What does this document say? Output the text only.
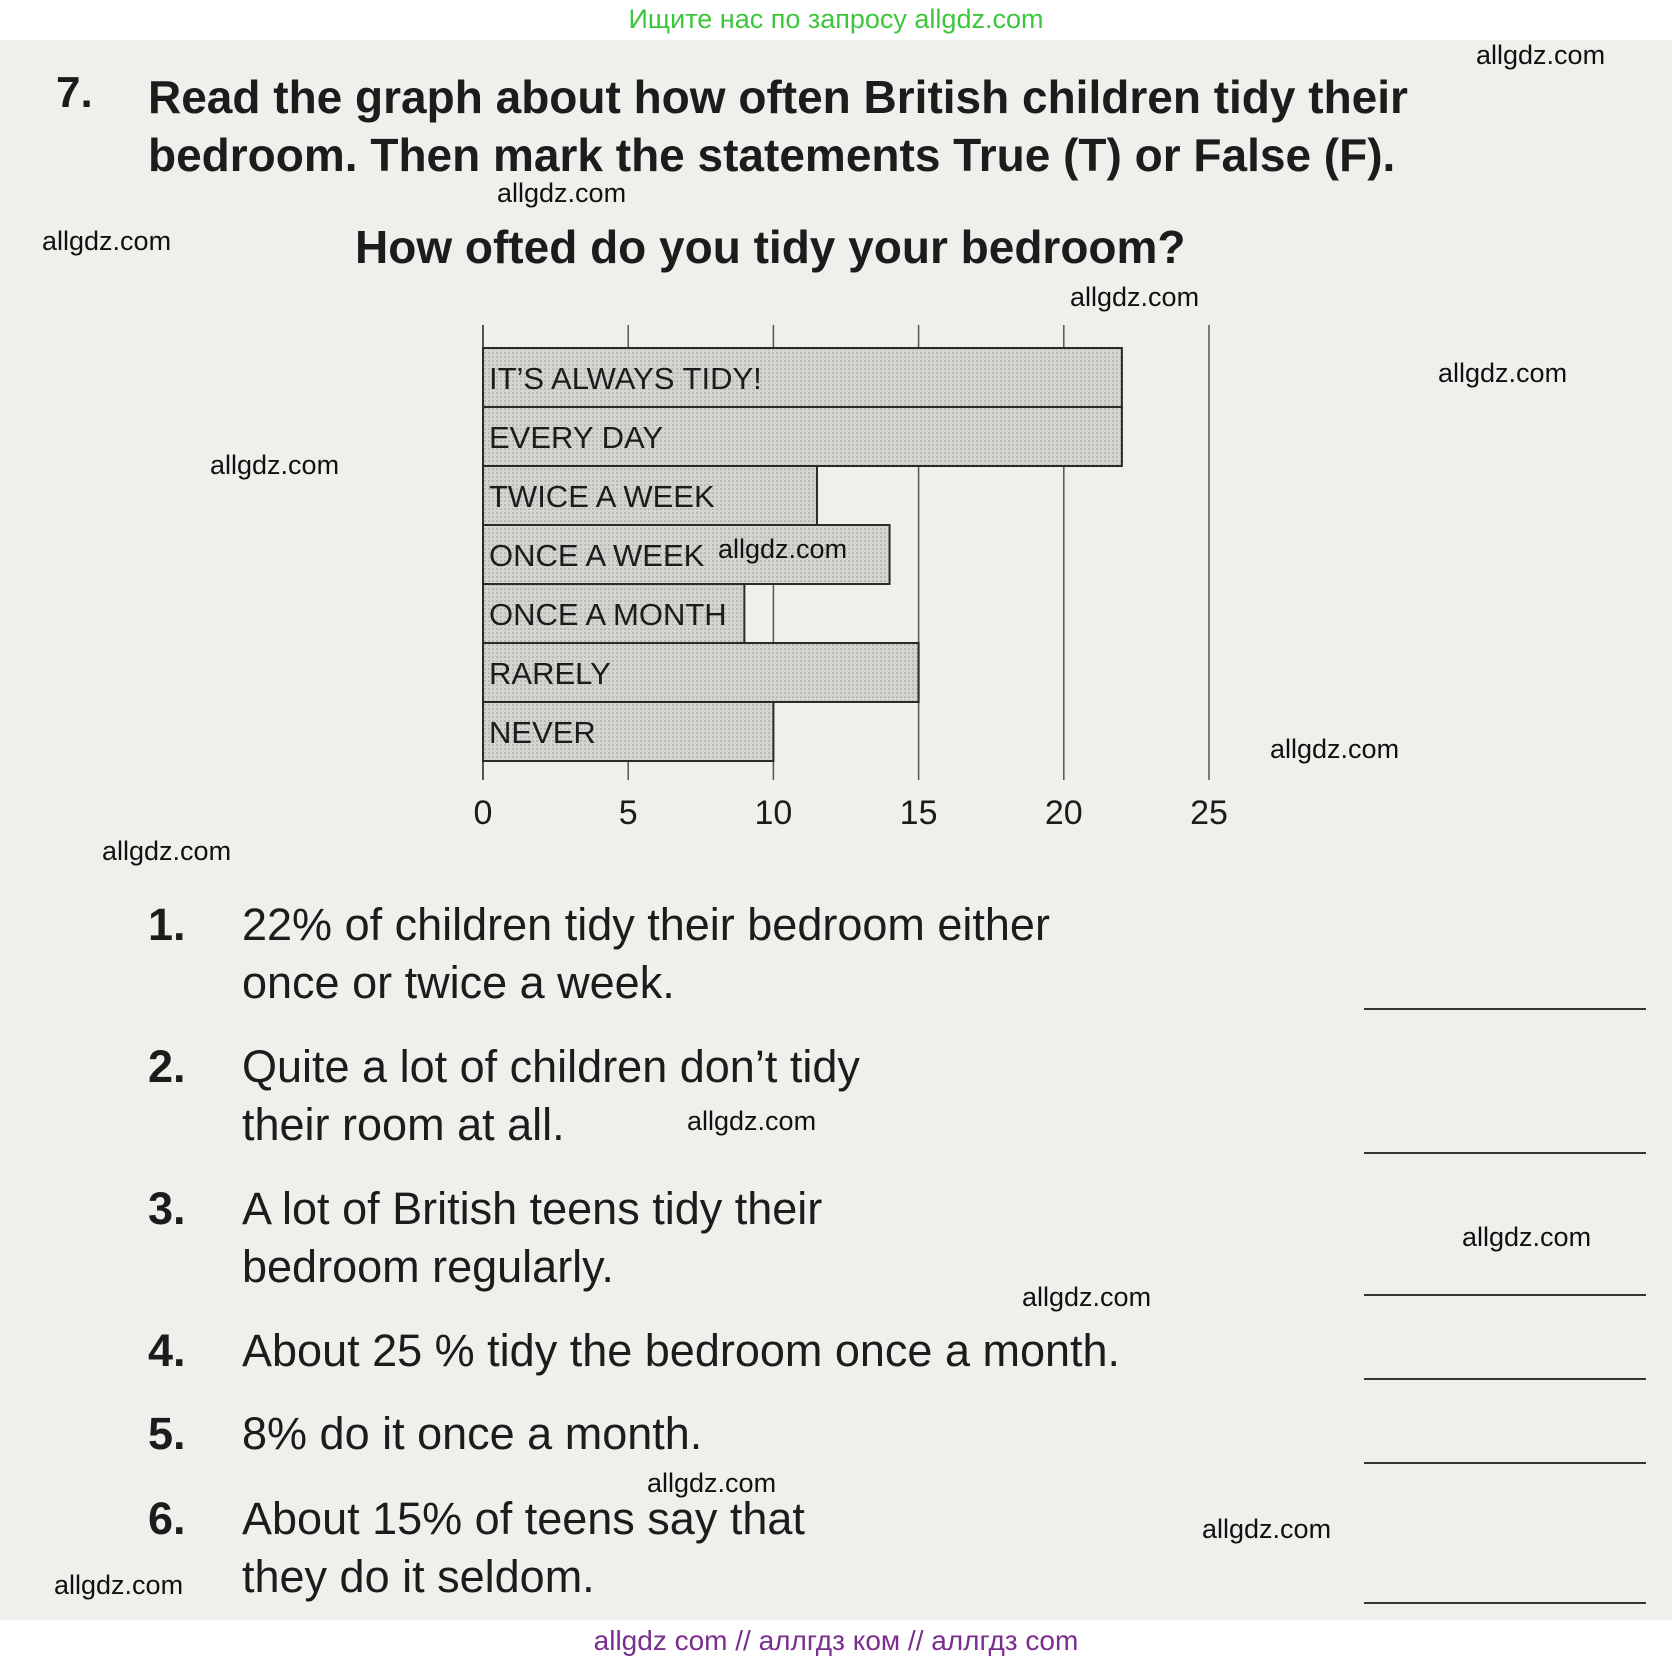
Ищите нас по запросу allgdz.com
7. Read the graph about how often British children tidy their
bedroom. Then mark the statements True (T) or False (F).
How ofted do you tidy your bedroom?
0	5	10	15	20	25
IT’S ALWAYS TIDY!
EVERY DAY
TWICE A WEEK
ONCE A WEEK
ONCE A MONTH
RARELY
NEVER
1. 22% of children tidy their bedroom either
once or twice a week.
2. Quite a lot of children don’t tidy
their room at all.
3. A lot of British teens tidy their
bedroom regularly.
4. About 25 % tidy the bedroom once a month.
5. 8% do it once a month.
6. About 15% of teens say that
they do it seldom.
allgdz.com
allgdz.com
allgdz.com
allgdz.com
allgdz.com
allgdz.com
allgdz.com
allgdz.com
allgdz.com
allgdz.com
allgdz.com
allgdz.com
allgdz.com
allgdz.com
allgdz.com
allgdz com // аллгдз ком // аллгдз com
